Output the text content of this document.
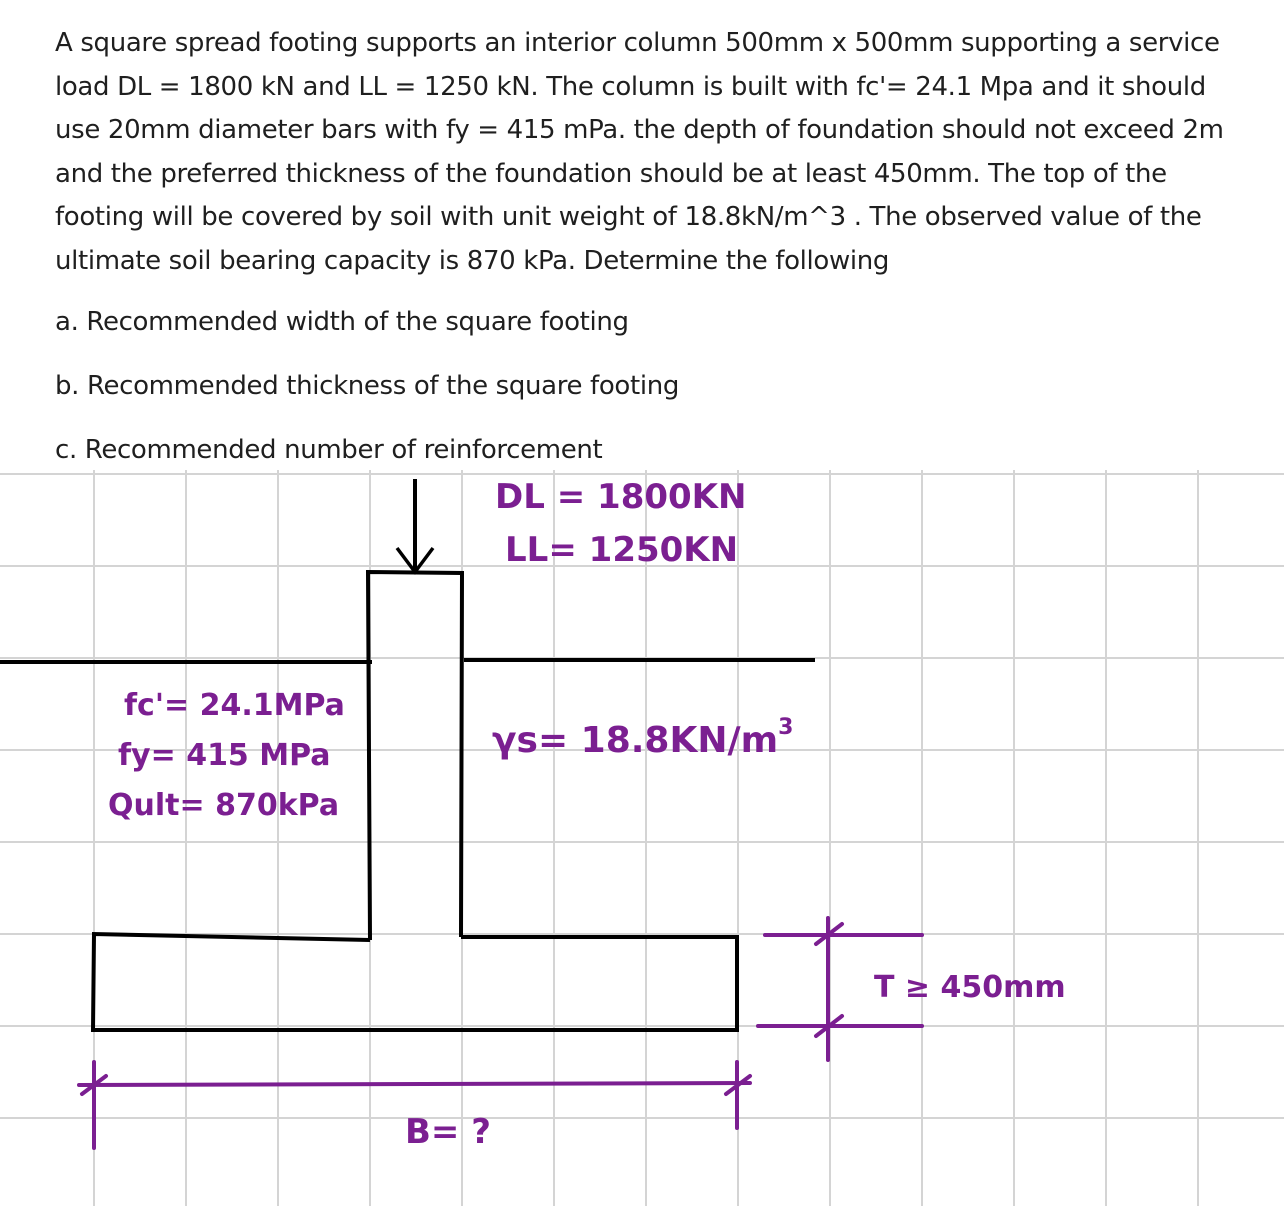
DL = 1800KN
LL= 1250KN
fc'= 24.1MPa
fy= 415 MPa
Qult= 870kPa
$\gamma s= 18.8KN/m^3$
T ≥ 450mm
B= ?
A square spread footing supports an interior column 500mm x 500mm supporting a service
load DL = 1800 kN and LL = 1250 kN. The column is built with fc'= 24.1 Mpa and it should
use 20mm diameter bars with fy = 415 mPa. the depth of foundation should not exceed 2m
and the preferred thickness of the foundation should be at least 450mm. The top of the
footing will be covered by soil with unit weight of 18.8kN/m^3 . The observed value of the
ultimate soil bearing capacity is 870 kPa. Determine the following
a. Recommended width of the square footing
b. Recommended thickness of the square footing
c. Recommended number of reinforcement
